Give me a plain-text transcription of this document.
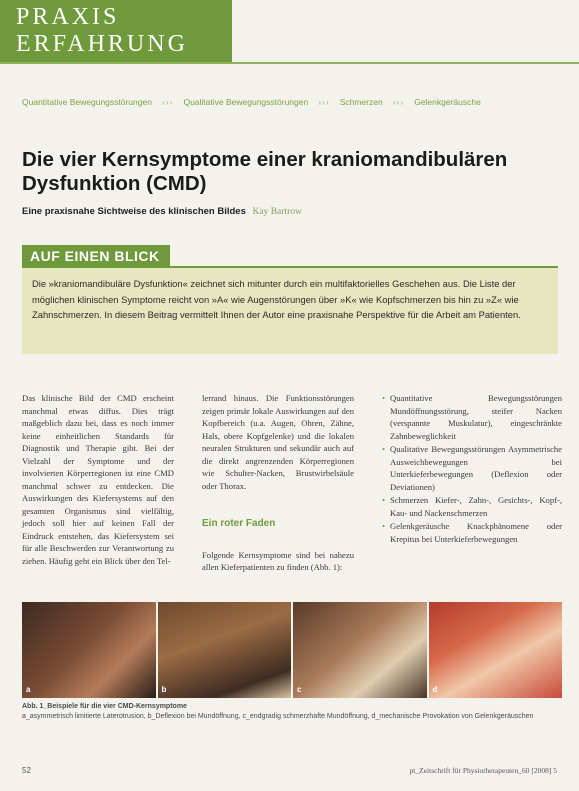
PRAXIS
ERFAHRUNG
Quantitative Bewegungsstörungen ››› Qualitative Bewegungsstörungen ››› Schmerzen ››› Gelenkgeräusche
Die vier Kernsymptome einer kraniomandibulären Dysfunktion (CMD)
Eine praxisnahe Sichtweise des klinischen Bildes Kay Bartrow
AUF EINEN BLICK
Die »kraniomandibuläre Dysfunktion« zeichnet sich mitunter durch ein multifaktorielles Geschehen aus. Die Liste der möglichen klinischen Symptome reicht von »A« wie Augenstörungen über »K« wie Kopfschmerzen bis hin zu »Z« wie Zahnschmerzen. In diesem Beitrag vermittelt Ihnen der Autor eine praxisnahe Perspektive für die Arbeit am Patienten.
Das klinische Bild der CMD erscheint manchmal etwas diffus. Dies trägt maßgeblich dazu bei, dass es noch immer keine einheitlichen Standards für Diagnostik und Therapie gibt. Bei der Vielzahl der Symptome und der involvierten Körperregionen ist eine CMD manchmal schwer zu entdecken. Die Auswirkungen des Kiefersystems auf den gesamten Organismus sind vielfältig, jedoch soll hier auf keinen Fall der Eindruck entstehen, das Kiefersystem sei für alle Beschwerden zur Verantwortung zu ziehen. Häufig geht ein Blick über den Tel-
lerrand hinaus. Die Funktionsstörungen zeigen primär lokale Auswirkungen auf den Kopfbereich (u.a. Augen, Ohren, Zähne, Hals, obere Kopfgelenke) und die lokalen neuralen Strukturen und sekundär auch auf die direkt angrenzenden Körperregionen wie Schulter-Nacken, Brustwirbelsäule oder Thorax.
Ein roter Faden
Folgende Kernsymptome sind bei nahezu allen Kieferpatienten zu finden (Abb. 1):
• Quantitative Bewegungsstörungen Mundöffnungsstörung, steifer Nacken (verspannte Muskulatur), eingeschränkte Zahnbeweglichkeit
• Qualitative Bewegungsstörungen Asymmetrische Ausweichbewegungen bei Unterkieferbewegungen (Deflexion oder Deviationen)
• Schmerzen Kiefer-, Zahn-, Gesichts-, Kopf-, Kau- und Nackenschmerzen
• Gelenkgeräusche Knackphänomene oder Krepitus bei Unterkieferbewegungen
a	b	c	d
Abb. 1_Beispiele für die vier CMD-Kernsymptome
a_asymmetrisch limitierte Laterotrusion, b_Deflexion bei Mundöffnung, c_endgradig schmerzhafte Mundöffnung, d_mechanische Provokation von Gelenkgeräuschen
52	pt_Zeitschrift für Physiotherapeuten_60 [2008] 5
